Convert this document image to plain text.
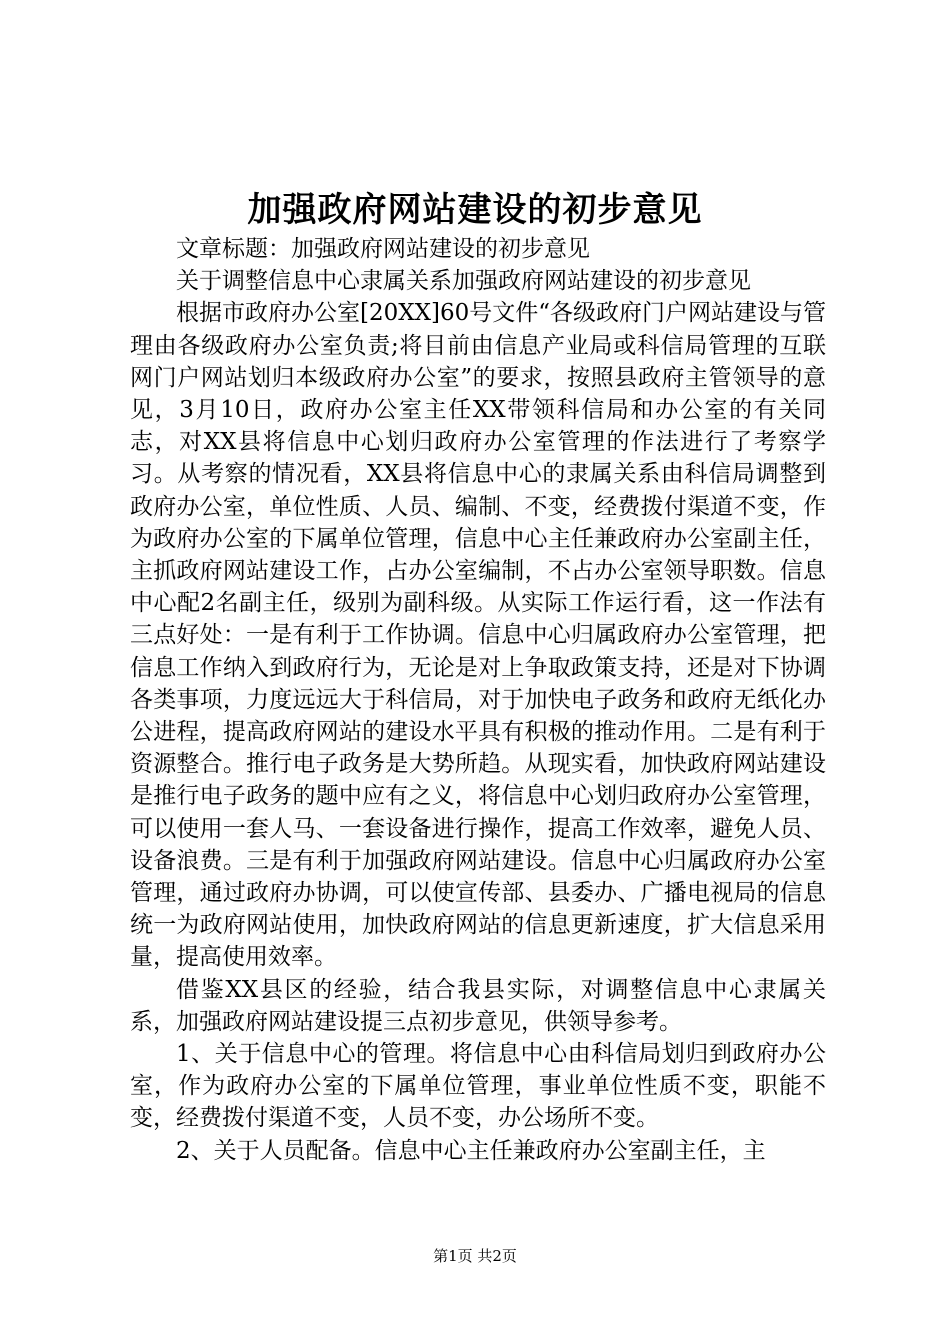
加强政府网站建设的初步意见

文章标题：加强政府网站建设的初步意见

关于调整信息中心隶属关系加强政府网站建设的初步意见

根据市政府办公室[20XX]60号文件“各级政府门户网站建设与管理由各级政府办公室负责;将目前由信息产业局或科信局管理的互联网门户网站划归本级政府办公室”的要求，按照县政府主管领导的意见，3月10日，政府办公室主任XX带领科信局和办公室的有关同志，对XX县将信息中心划归政府办公室管理的作法进行了考察学习。从考察的情况看，XX县将信息中心的隶属关系由科信局调整到政府办公室，单位性质、人员、编制、不变，经费拨付渠道不变，作为政府办公室的下属单位管理，信息中心主任兼政府办公室副主任，主抓政府网站建设工作，占办公室编制，不占办公室领导职数。信息中心配2名副主任，级别为副科级。从实际工作运行看，这一作法有三点好处：一是有利于工作协调。信息中心归属政府办公室管理，把信息工作纳入到政府行为，无论是对上争取政策支持，还是对下协调各类事项，力度远远大于科信局，对于加快电子政务和政府无纸化办公进程，提高政府网站的建设水平具有积极的推动作用。二是有利于资源整合。推行电子政务是大势所趋。从现实看，加快政府网站建设是推行电子政务的题中应有之义，将信息中心划归政府办公室管理，可以使用一套人马、一套设备进行操作，提高工作效率，避免人员、设备浪费。三是有利于加强政府网站建设。信息中心归属政府办公室管理，通过政府办协调，可以使宣传部、县委办、广播电视局的信息统一为政府网站使用，加快政府网站的信息更新速度，扩大信息采用量，提高使用效率。

借鉴XX县区的经验，结合我县实际，对调整信息中心隶属关系，加强政府网站建设提三点初步意见，供领导参考。

1、关于信息中心的管理。将信息中心由科信局划归到政府办公室，作为政府办公室的下属单位管理，事业单位性质不变，职能不变，经费拨付渠道不变，人员不变，办公场所不变。

2、关于人员配备。信息中心主任兼政府办公室副主任，主

第1页 共2页
